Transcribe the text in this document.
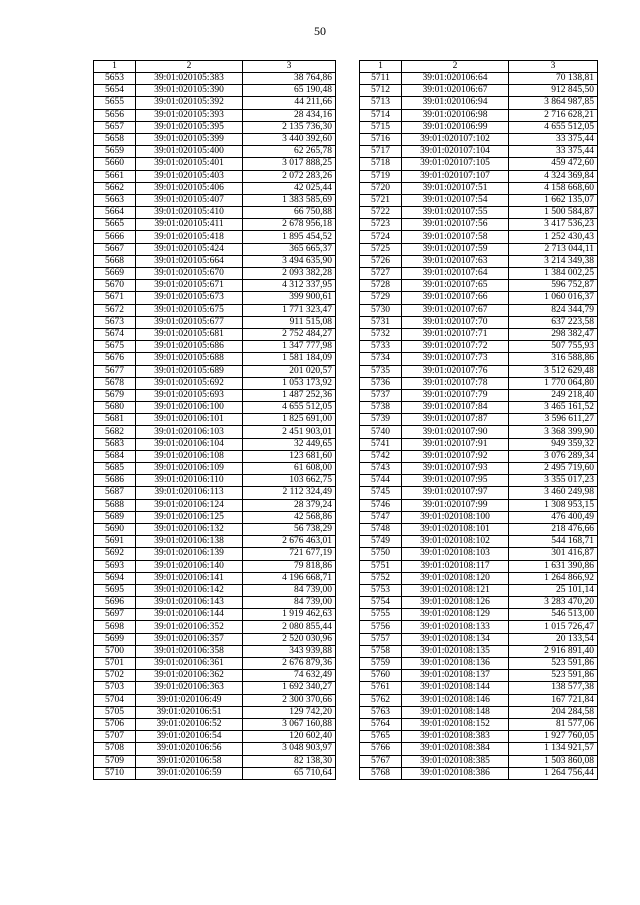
50
1	2	3
5653	39:01:020105:383	38 764,86
5654	39:01:020105:390	65 190,48
5655	39:01:020105:392	44 211,66
5656	39:01:020105:393	28 434,16
5657	39:01:020105:395	2 135 736,30
5658	39:01:020105:399	3 440 392,60
5659	39:01:020105:400	62 265,78
5660	39:01:020105:401	3 017 888,25
5661	39:01:020105:403	2 072 283,26
5662	39:01:020105:406	42 025,44
5663	39:01:020105:407	1 383 585,69
5664	39:01:020105:410	66 750,88
5665	39:01:020105:411	2 678 956,18
5666	39:01:020105:418	1 895 454,52
5667	39:01:020105:424	365 665,37
5668	39:01:020105:664	3 494 635,90
5669	39:01:020105:670	2 093 382,28
5670	39:01:020105:671	4 312 337,95
5671	39:01:020105:673	399 900,61
5672	39:01:020105:675	1 771 323,47
5673	39:01:020105:677	911 515,08
5674	39:01:020105:681	2 752 484,27
5675	39:01:020105:686	1 347 777,98
5676	39:01:020105:688	1 581 184,09
5677	39:01:020105:689	201 020,57
5678	39:01:020105:692	1 053 173,92
5679	39:01:020105:693	1 487 252,36
5680	39:01:020106:100	4 655 512,05
5681	39:01:020106:101	1 825 691,00
5682	39:01:020106:103	2 451 903,01
5683	39:01:020106:104	32 449,65
5684	39:01:020106:108	123 681,60
5685	39:01:020106:109	61 608,00
5686	39:01:020106:110	103 662,75
5687	39:01:020106:113	2 112 324,49
5688	39:01:020106:124	28 379,24
5689	39:01:020106:125	42 568,86
5690	39:01:020106:132	56 738,29
5691	39:01:020106:138	2 676 463,01
5692	39:01:020106:139	721 677,19
5693	39:01:020106:140	79 818,86
5694	39:01:020106:141	4 196 668,71
5695	39:01:020106:142	84 739,00
5696	39:01:020106:143	84 739,00
5697	39:01:020106:144	1 919 462,63
5698	39:01:020106:352	2 080 855,44
5699	39:01:020106:357	2 520 030,96
5700	39:01:020106:358	343 939,88
5701	39:01:020106:361	2 676 879,36
5702	39:01:020106:362	74 632,49
5703	39:01:020106:363	1 692 340,27
5704	39:01:020106:49	2 300 370,66
5705	39:01:020106:51	129 742,20
5706	39:01:020106:52	3 067 160,88
5707	39:01:020106:54	120 602,40
5708	39:01:020106:56	3 048 903,97
5709	39:01:020106:58	82 138,30
5710	39:01:020106:59	65 710,64
1	2	3
5711	39:01:020106:64	70 138,81
5712	39:01:020106:67	912 845,50
5713	39:01:020106:94	3 864 987,85
5714	39:01:020106:98	2 716 628,21
5715	39:01:020106:99	4 655 512,05
5716	39:01:020107:102	33 375,44
5717	39:01:020107:104	33 375,44
5718	39:01:020107:105	459 472,60
5719	39:01:020107:107	4 324 369,84
5720	39:01:020107:51	4 158 668,60
5721	39:01:020107:54	1 662 135,07
5722	39:01:020107:55	1 500 584,87
5723	39:01:020107:56	3 417 536,23
5724	39:01:020107:58	1 252 430,43
5725	39:01:020107:59	2 713 044,11
5726	39:01:020107:63	3 214 349,38
5727	39:01:020107:64	1 384 002,25
5728	39:01:020107:65	596 752,87
5729	39:01:020107:66	1 060 016,37
5730	39:01:020107:67	824 344,79
5731	39:01:020107:70	637 223,58
5732	39:01:020107:71	298 382,47
5733	39:01:020107:72	507 755,93
5734	39:01:020107:73	316 588,86
5735	39:01:020107:76	3 512 629,48
5736	39:01:020107:78	1 770 064,80
5737	39:01:020107:79	249 218,40
5738	39:01:020107:84	3 465 161,52
5739	39:01:020107:87	3 596 611,27
5740	39:01:020107:90	3 368 399,90
5741	39:01:020107:91	949 359,32
5742	39:01:020107:92	3 076 289,34
5743	39:01:020107:93	2 495 719,60
5744	39:01:020107:95	3 355 017,23
5745	39:01:020107:97	3 460 249,98
5746	39:01:020107:99	1 308 953,15
5747	39:01:020108:100	476 400,49
5748	39:01:020108:101	218 476,66
5749	39:01:020108:102	544 168,71
5750	39:01:020108:103	301 416,87
5751	39:01:020108:117	1 631 390,86
5752	39:01:020108:120	1 264 866,92
5753	39:01:020108:121	25 101,14
5754	39:01:020108:126	3 283 470,20
5755	39:01:020108:129	546 513,00
5756	39:01:020108:133	1 015 726,47
5757	39:01:020108:134	20 133,54
5758	39:01:020108:135	2 916 891,40
5759	39:01:020108:136	523 591,86
5760	39:01:020108:137	523 591,86
5761	39:01:020108:144	138 577,38
5762	39:01:020108:146	167 721,84
5763	39:01:020108:148	204 284,58
5764	39:01:020108:152	81 577,06
5765	39:01:020108:383	1 927 760,05
5766	39:01:020108:384	1 134 921,57
5767	39:01:020108:385	1 503 860,08
5768	39:01:020108:386	1 264 756,44
